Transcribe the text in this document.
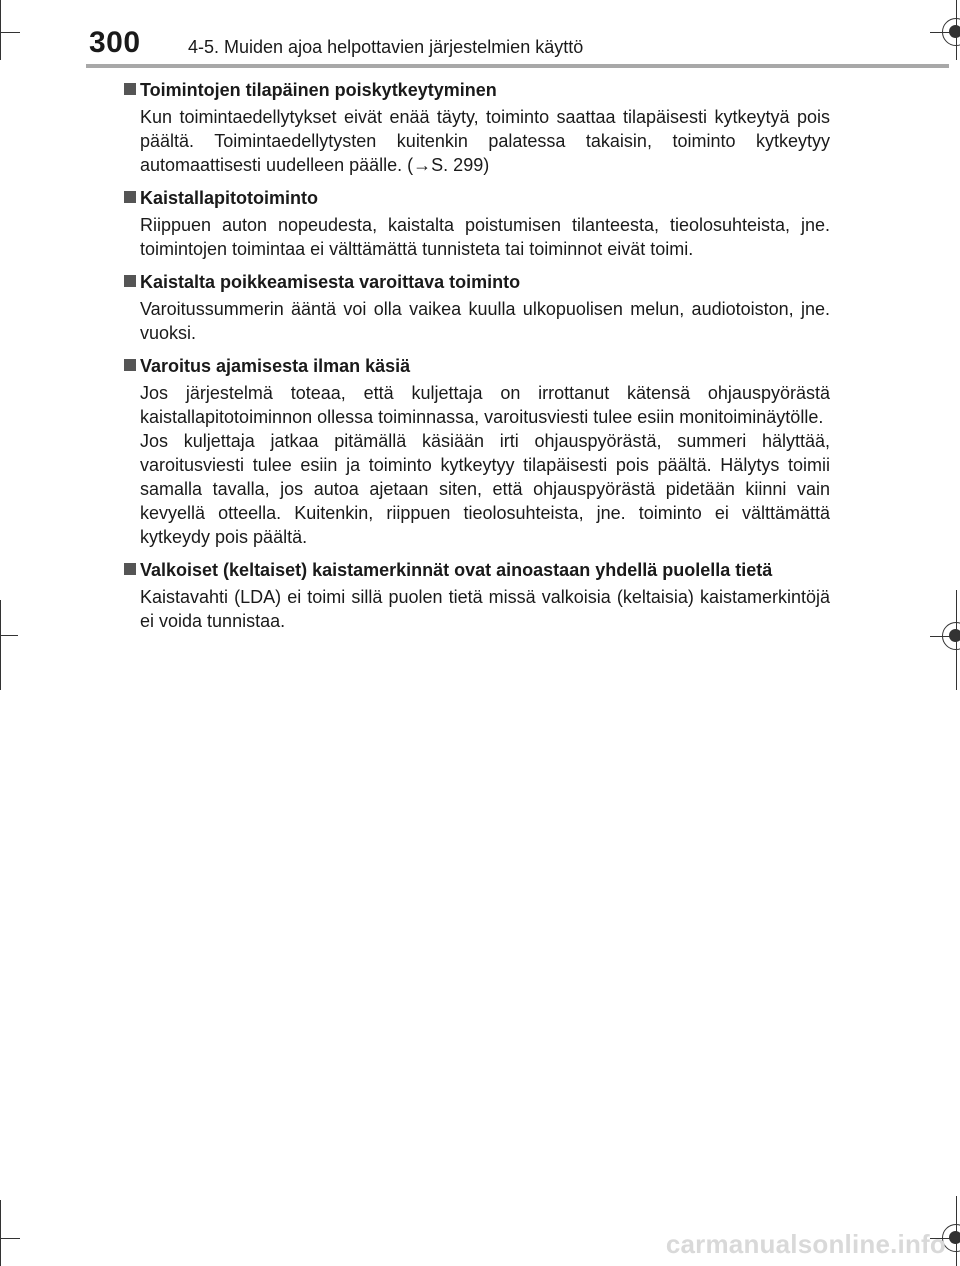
300	4-5. Muiden ajoa helpottavien järjestelmien käyttö
Toimintojen tilapäinen poiskytkeytyminen

Kun toimintaedellytykset eivät enää täyty, toiminto saattaa tilapäisesti kytkeytyä pois päältä. Toimintaedellytysten kuitenkin palatessa takaisin, toiminto kytkeytyy automaattisesti uudelleen päälle. (→S. 299)

Kaistallapitotoiminto

Riippuen auton nopeudesta, kaistalta poistumisen tilanteesta, tieolosuhteista, jne. toimintojen toimintaa ei välttämättä tunnisteta tai toiminnot eivät toimi.

Kaistalta poikkeamisesta varoittava toiminto

Varoitussummerin ääntä voi olla vaikea kuulla ulkopuolisen melun, audiotoiston, jne. vuoksi.

Varoitus ajamisesta ilman käsiä

Jos järjestelmä toteaa, että kuljettaja on irrottanut kätensä ohjauspyörästä kaistallapitotoiminnon ollessa toiminnassa, varoitusviesti tulee esiin monitoiminäytölle.

Jos kuljettaja jatkaa pitämällä käsiään irti ohjauspyörästä, summeri hälyttää, varoitusviesti tulee esiin ja toiminto kytkeytyy tilapäisesti pois päältä. Hälytys toimii samalla tavalla, jos autoa ajetaan siten, että ohjauspyörästä pidetään kiinni vain kevyellä otteella. Kuitenkin, riippuen tieolosuhteista, jne. toiminto ei välttämättä kytkeydy pois päältä.

Valkoiset (keltaiset) kaistamerkinnät ovat ainoastaan yhdellä puolella tietä

Kaistavahti (LDA) ei toimi sillä puolen tietä missä valkoisia (keltaisia) kaistamerkintöjä ei voida tunnistaa.

carmanualsonline.info
